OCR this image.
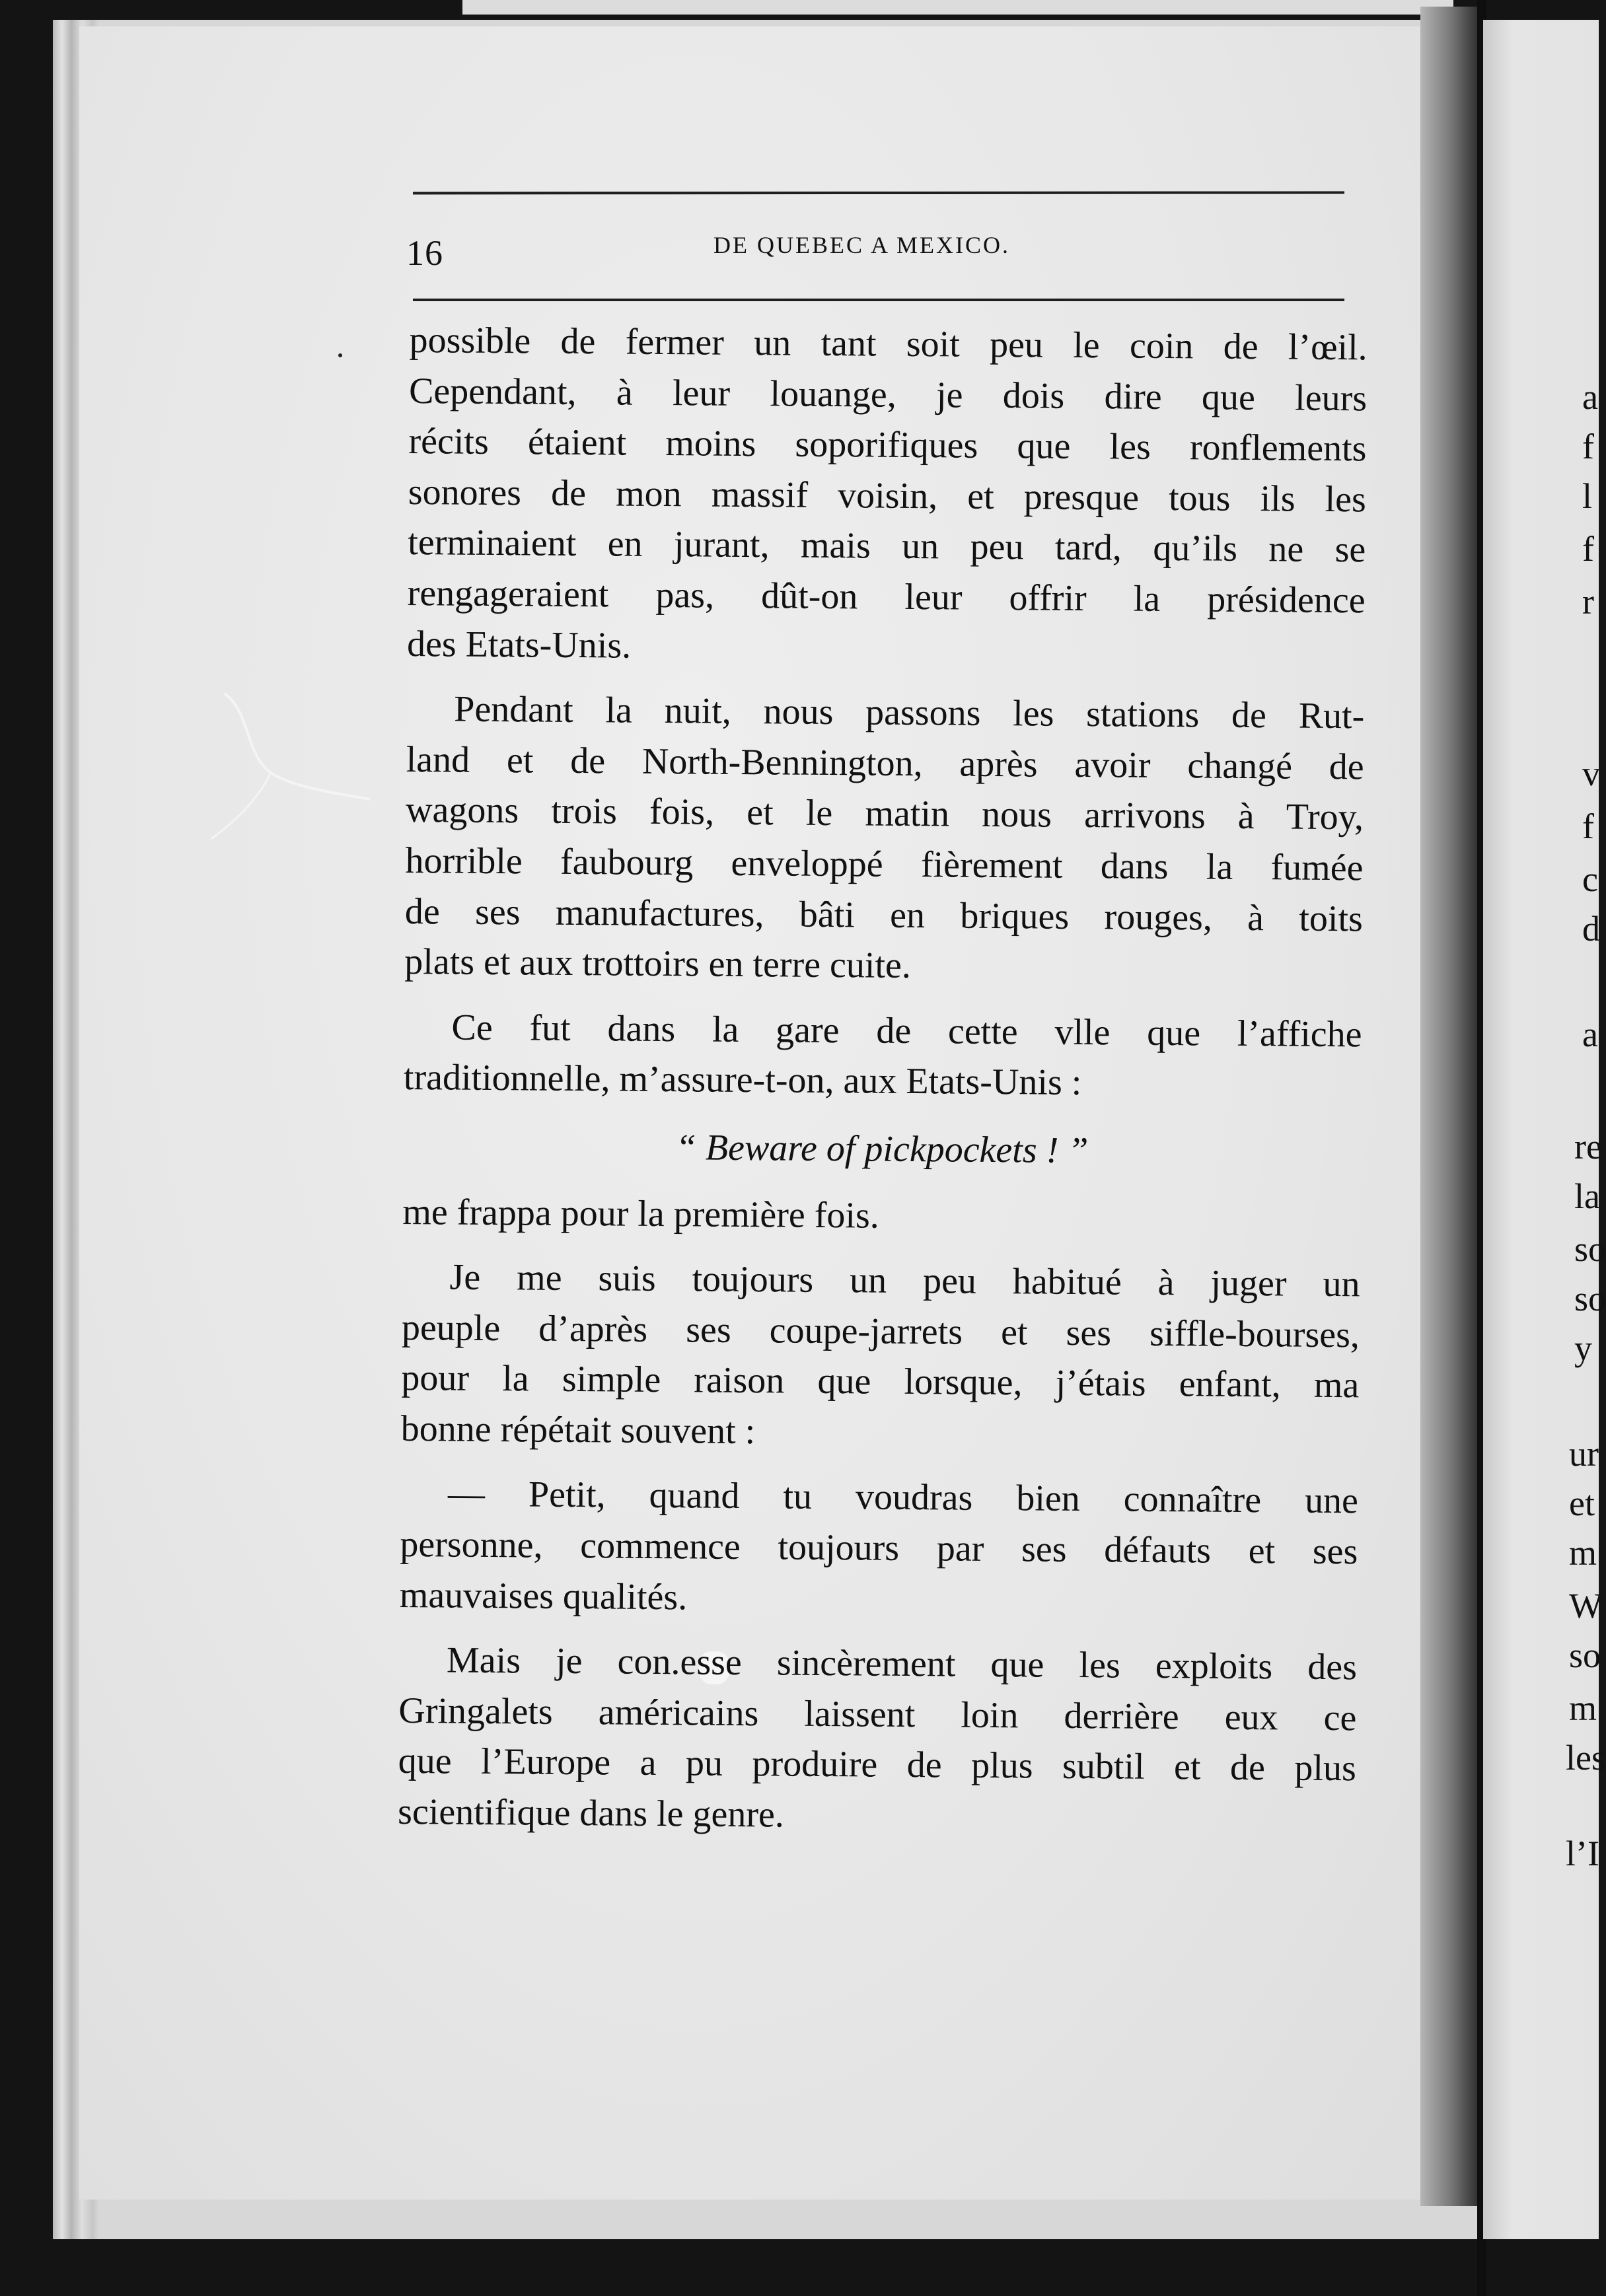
a
f
l
f
r
v
f
c
d
a
re
la
so
so
y
ur
et
m
W
so
m
les
l’I
16	DE QUEBEC A MEXICO.
possible de fermer un tant soit peu le coin de l’œil.
Cependant, à leur louange, je dois dire que leurs
récits étaient moins soporifiques que les ronflements
sonores de mon massif voisin, et presque tous ils les
terminaient en jurant, mais un peu tard, qu’ils ne se
rengageraient pas, dût-on leur offrir la présidence
des Etats-Unis.
Pendant la nuit, nous passons les stations de Rut-
land et de North-Bennington, après avoir changé de
wagons trois fois, et le matin nous arrivons à Troy,
horrible faubourg enveloppé fièrement dans la fumée
de ses manufactures, bâti en briques rouges, à toits
plats et aux trottoirs en terre cuite.
Ce fut dans la gare de cette vlle que l’affiche
traditionnelle, m’assure-t-on, aux Etats-Unis :
“ Beware of pickpockets ! ”
me frappa pour la première fois.
Je me suis toujours un peu habitué à juger un
peuple d’après ses coupe-jarrets et ses siffle-bourses,
pour la simple raison que lorsque, j’étais enfant, ma
bonne répétait souvent :
— Petit, quand tu voudras bien connaître une
personne, commence toujours par ses défauts et ses
mauvaises qualités.
Mais je con.esse sincèrement que les exploits des
Gringalets américains laissent loin derrière eux ce
que l’Europe a pu produire de plus subtil et de plus
scientifique dans le genre.
